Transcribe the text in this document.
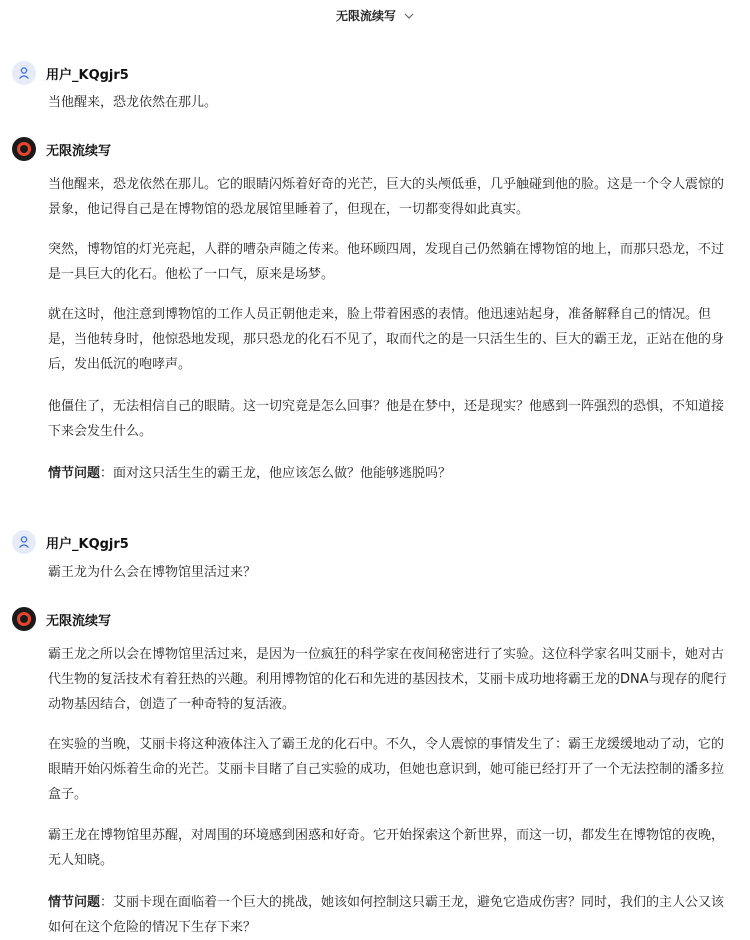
无限流续写
用户_KQgjr5

当他醒来，恐龙依然在那儿。

无限流续写

当他醒来，恐龙依然在那儿。它的眼睛闪烁着好奇的光芒，巨大的头颅低垂，几乎触碰到他的脸。这是一个令人震惊的景象，他记得自己是在博物馆的恐龙展馆里睡着了，但现在，一切都变得如此真实。

突然，博物馆的灯光亮起，人群的嘈杂声随之传来。他环顾四周，发现自己仍然躺在博物馆的地上，而那只恐龙，不过是一具巨大的化石。他松了一口气，原来是场梦。

就在这时，他注意到博物馆的工作人员正朝他走来，脸上带着困惑的表情。他迅速站起身，准备解释自己的情况。但是，当他转身时，他惊恐地发现，那只恐龙的化石不见了，取而代之的是一只活生生的、巨大的霸王龙，正站在他的身后，发出低沉的咆哮声。

他僵住了，无法相信自己的眼睛。这一切究竟是怎么回事？他是在梦中，还是现实？他感到一阵强烈的恐惧，不知道接下来会发生什么。

情节问题：面对这只活生生的霸王龙，他应该怎么做？他能够逃脱吗？

用户_KQgjr5

霸王龙为什么会在博物馆里活过来？

无限流续写

霸王龙之所以会在博物馆里活过来，是因为一位疯狂的科学家在夜间秘密进行了实验。这位科学家名叫艾丽卡，她对古代生物的复活技术有着狂热的兴趣。利用博物馆的化石和先进的基因技术，艾丽卡成功地将霸王龙的DNA与现存的爬行动物基因结合，创造了一种奇特的复活液。

在实验的当晚，艾丽卡将这种液体注入了霸王龙的化石中。不久，令人震惊的事情发生了：霸王龙缓缓地动了动，它的眼睛开始闪烁着生命的光芒。艾丽卡目睹了自己实验的成功，但她也意识到，她可能已经打开了一个无法控制的潘多拉盒子。

霸王龙在博物馆里苏醒，对周围的环境感到困惑和好奇。它开始探索这个新世界，而这一切，都发生在博物馆的夜晚，无人知晓。

情节问题：艾丽卡现在面临着一个巨大的挑战，她该如何控制这只霸王龙，避免它造成伤害？同时，我们的主人公又该如何在这个危险的情况下生存下来？
